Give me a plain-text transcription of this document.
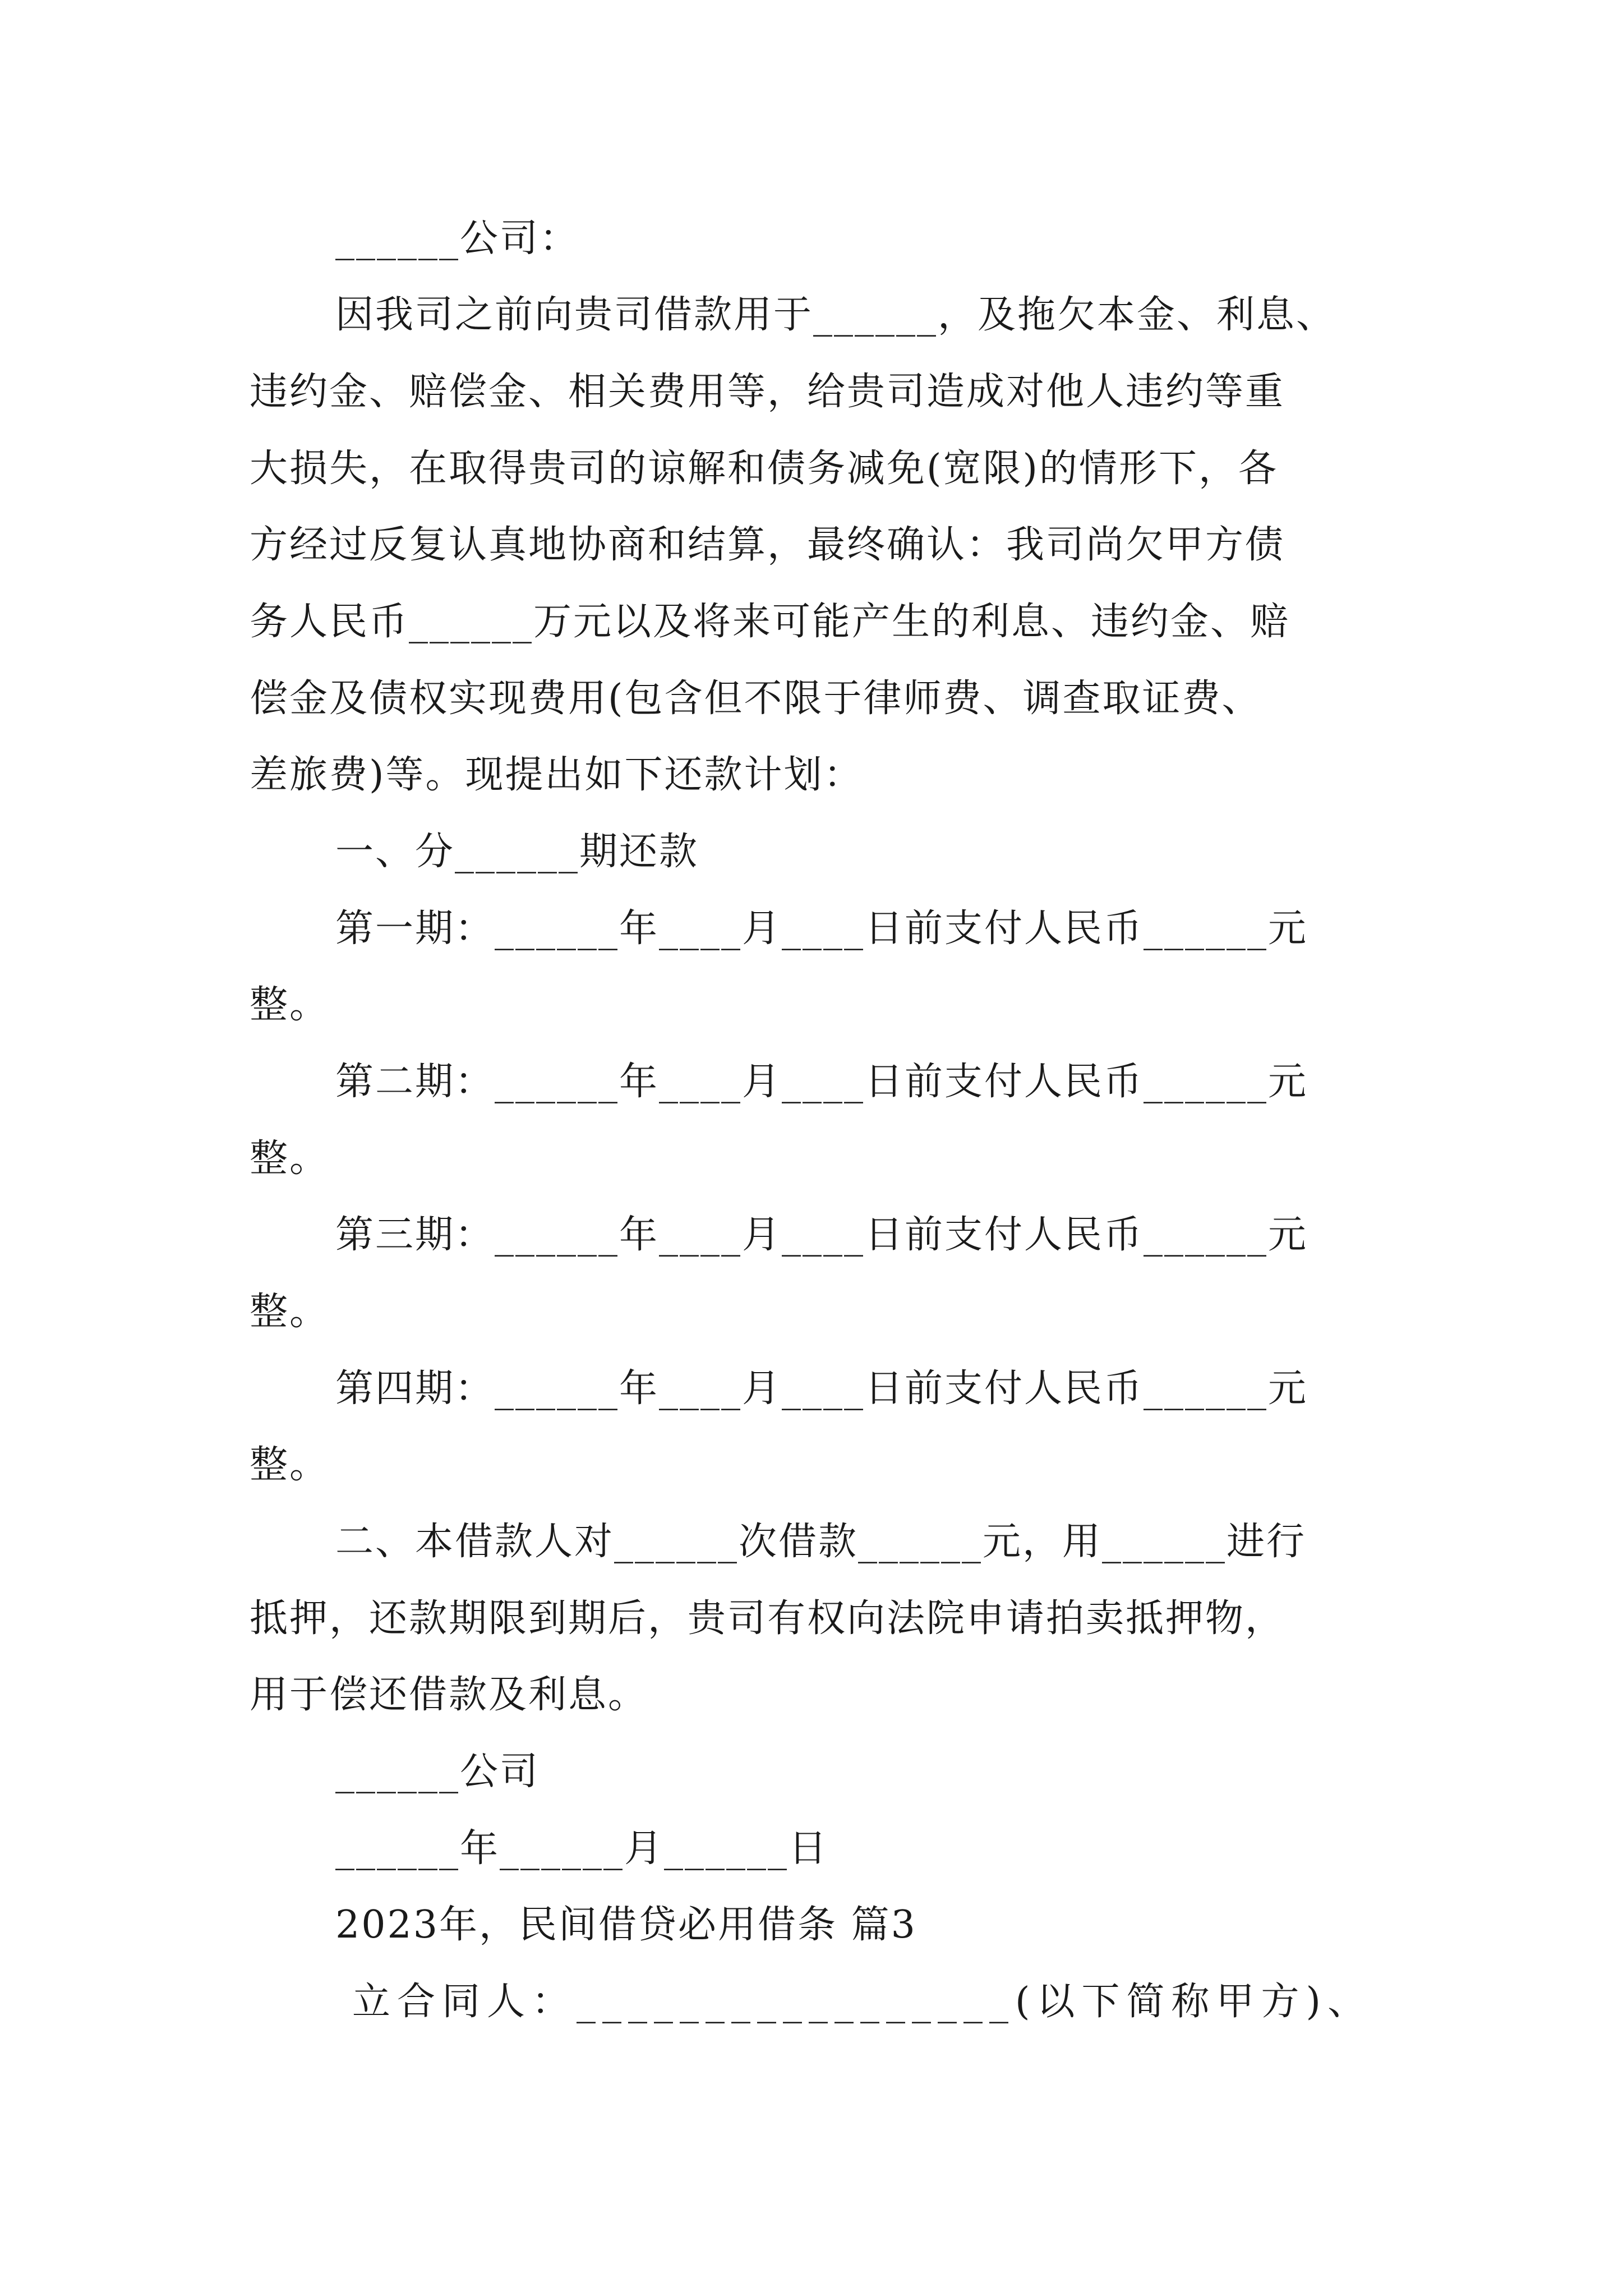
______公司：
因我司之前向贵司借款用于______，及拖欠本金、利息、
违约金、赔偿金、相关费用等，给贵司造成对他人违约等重
大损失，在取得贵司的谅解和债务减免(宽限)的情形下，各
方经过反复认真地协商和结算，最终确认：我司尚欠甲方债
务人民币______万元以及将来可能产生的利息、违约金、赔
偿金及债权实现费用(包含但不限于律师费、调查取证费、
差旅费)等。现提出如下还款计划：
一、分______期还款
第一期：______年____月____日前支付人民币______元
整。
第二期：______年____月____日前支付人民币______元
整。
第三期：______年____月____日前支付人民币______元
整。
第四期：______年____月____日前支付人民币______元
整。
二、本借款人对______次借款______元，用______进行
抵押，还款期限到期后，贵司有权向法院申请拍卖抵押物，
用于偿还借款及利息。
______公司
______年______月______日
2023年，民间借贷必用借条 篇3
立合同人：_________________(以下简称甲方)、
